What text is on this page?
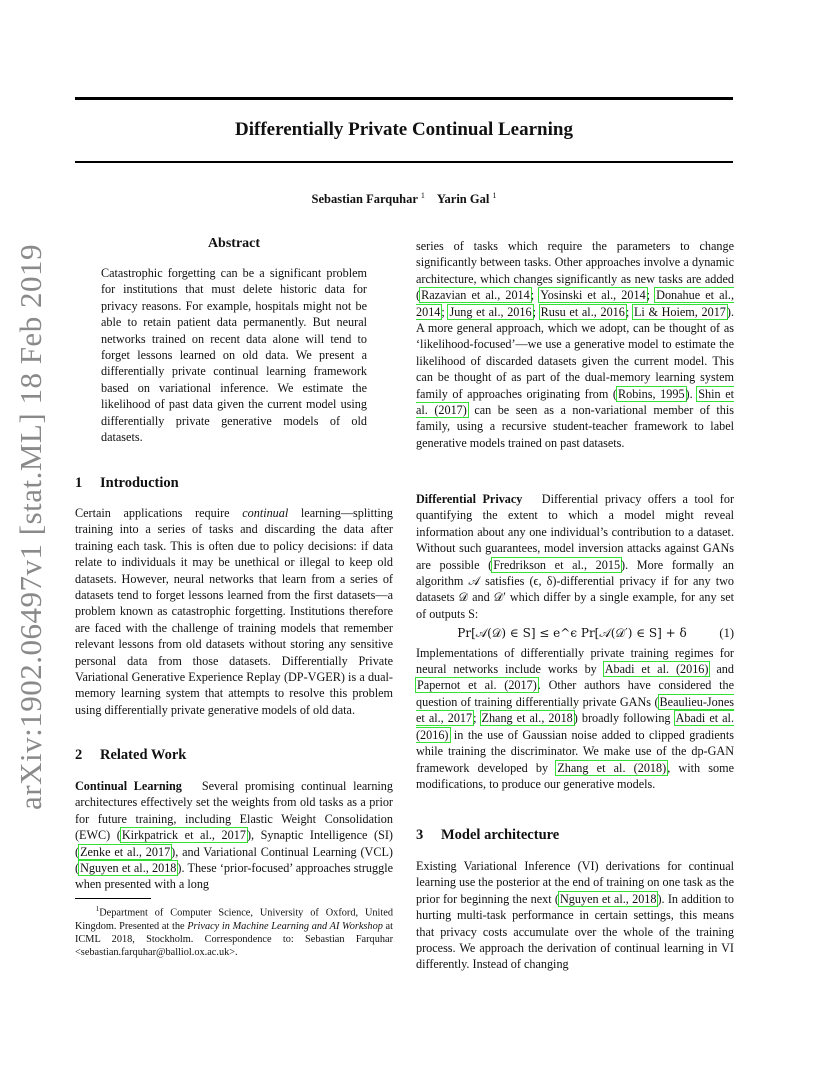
arXiv:1902.06497v1 [stat.ML] 18 Feb 2019
Differentially Private Continual Learning
Sebastian Farquhar $^1$ Yarin Gal $^1$
Abstract

Catastrophic forgetting can be a significant problem for institutions that must delete historic data for privacy reasons. For example, hospitals might not be able to retain patient data permanently. But neural networks trained on recent data alone will tend to forget lessons learned on old data. We present a differentially private continual learning framework based on variational inference. We estimate the likelihood of past data given the current model using differentially private generative models of old datasets.

1 Introduction

Certain applications require continual learning—splitting training into a series of tasks and discarding the data after training each task. This is often due to policy decisions: if data relate to individuals it may be unethical or illegal to keep old datasets. However, neural networks that learn from a series of datasets tend to forget lessons learned from the first datasets—a problem known as catastrophic forgetting. Institutions therefore are faced with the challenge of training models that remember relevant lessons from old datasets without storing any sensitive personal data from those datasets. Differentially Private Variational Generative Experience Replay (DP-VGER) is a dual-memory learning system that attempts to resolve this problem using differentially private generative models of old data.

2 Related Work

Continual Learning Several promising continual learning architectures effectively set the weights from old tasks as a prior for future training, including Elastic Weight Consolidation (EWC) (Kirkpatrick et al., 2017), Synaptic Intelligence (SI) (Zenke et al., 2017), and Variational Continual Learning (VCL) (Nguyen et al., 2018). These ‘prior-focused’ approaches struggle when presented with a long

$^1$Department of Computer Science, University of Oxford, United Kingdom. Presented at the Privacy in Machine Learning and AI Workshop at ICML 2018, Stockholm. Correspondence to: Sebastian Farquhar <sebastian.farquhar@balliol.ox.ac.uk>.

series of tasks which require the parameters to change significantly between tasks. Other approaches involve a dynamic architecture, which changes significantly as new tasks are added (Razavian et al., 2014; Yosinski et al., 2014; Donahue et al., 2014; Jung et al., 2016; Rusu et al., 2016; Li & Hoiem, 2017). A more general approach, which we adopt, can be thought of as ‘likelihood-focused’—we use a generative model to estimate the likelihood of discarded datasets given the current model. This can be thought of as part of the dual-memory learning system family of approaches originating from (Robins, 1995). Shin et al. (2017) can be seen as a non-variational member of this family, using a recursive student-teacher framework to label generative models trained on past datasets.

Differential Privacy Differential privacy offers a tool for quantifying the extent to which a model might reveal information about any one individual’s contribution to a dataset. Without such guarantees, model inversion attacks against GANs are possible (Fredrikson et al., 2015). More formally an algorithm 𝒜 satisfies (ϵ, δ)-differential privacy if for any two datasets 𝒟 and 𝒟′ which differ by a single example, for any set of outputs S:

Pr[𝒜(𝒟) ∈ S] ≤ e^ϵ Pr[𝒜(𝒟′) ∈ S] + δ	(1)

Implementations of differentially private training regimes for neural networks include works by Abadi et al. (2016) and Papernot et al. (2017). Other authors have considered the question of training differentially private GANs (Beaulieu-Jones et al., 2017; Zhang et al., 2018) broadly following Abadi et al. (2016) in the use of Gaussian noise added to clipped gradients while training the discriminator. We make use of the dp-GAN framework developed by Zhang et al. (2018), with some modifications, to produce our generative models.

3 Model architecture

Existing Variational Inference (VI) derivations for continual learning use the posterior at the end of training on one task as the prior for beginning the next (Nguyen et al., 2018). In addition to hurting multi-task performance in certain settings, this means that privacy costs accumulate over the whole of the training process. We approach the derivation of continual learning in VI differently. Instead of changing
